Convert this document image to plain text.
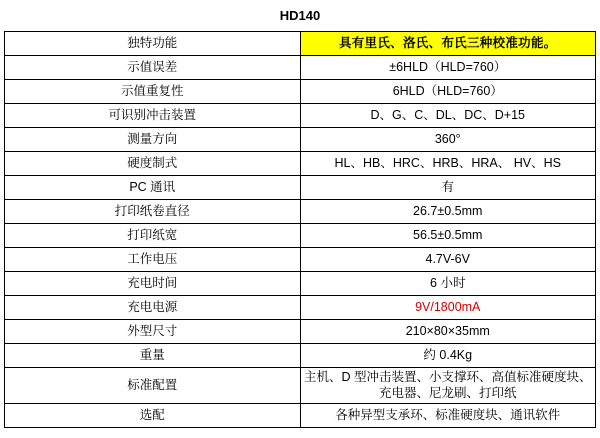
HD140	
独特功能	具有里氏、洛氏、布氏三种校准功能。
示值误差	±6HLD（HLD=760）
示值重复性	6HLD（HLD=760）
可识别冲击装置	D、G、C、DL、DC、D+15
测量方向	360°
硬度制式	HL、HB、HRC、HRB、HRA、 HV、HS
PC 通讯	有
打印纸卷直径	26.7±0.5mm
打印纸宽	56.5±0.5mm
工作电压	4.7V-6V
充电时间	6 小时
充电电源	9V/1800mA
外型尺寸	210×80×35mm
重量	约 0.4Kg
标准配置	主机、D 型冲击装置、小支撑环、高值标准硬度块、充电器、尼龙刷、打印纸
选配	各种异型支承环、标准硬度块、通讯软件
